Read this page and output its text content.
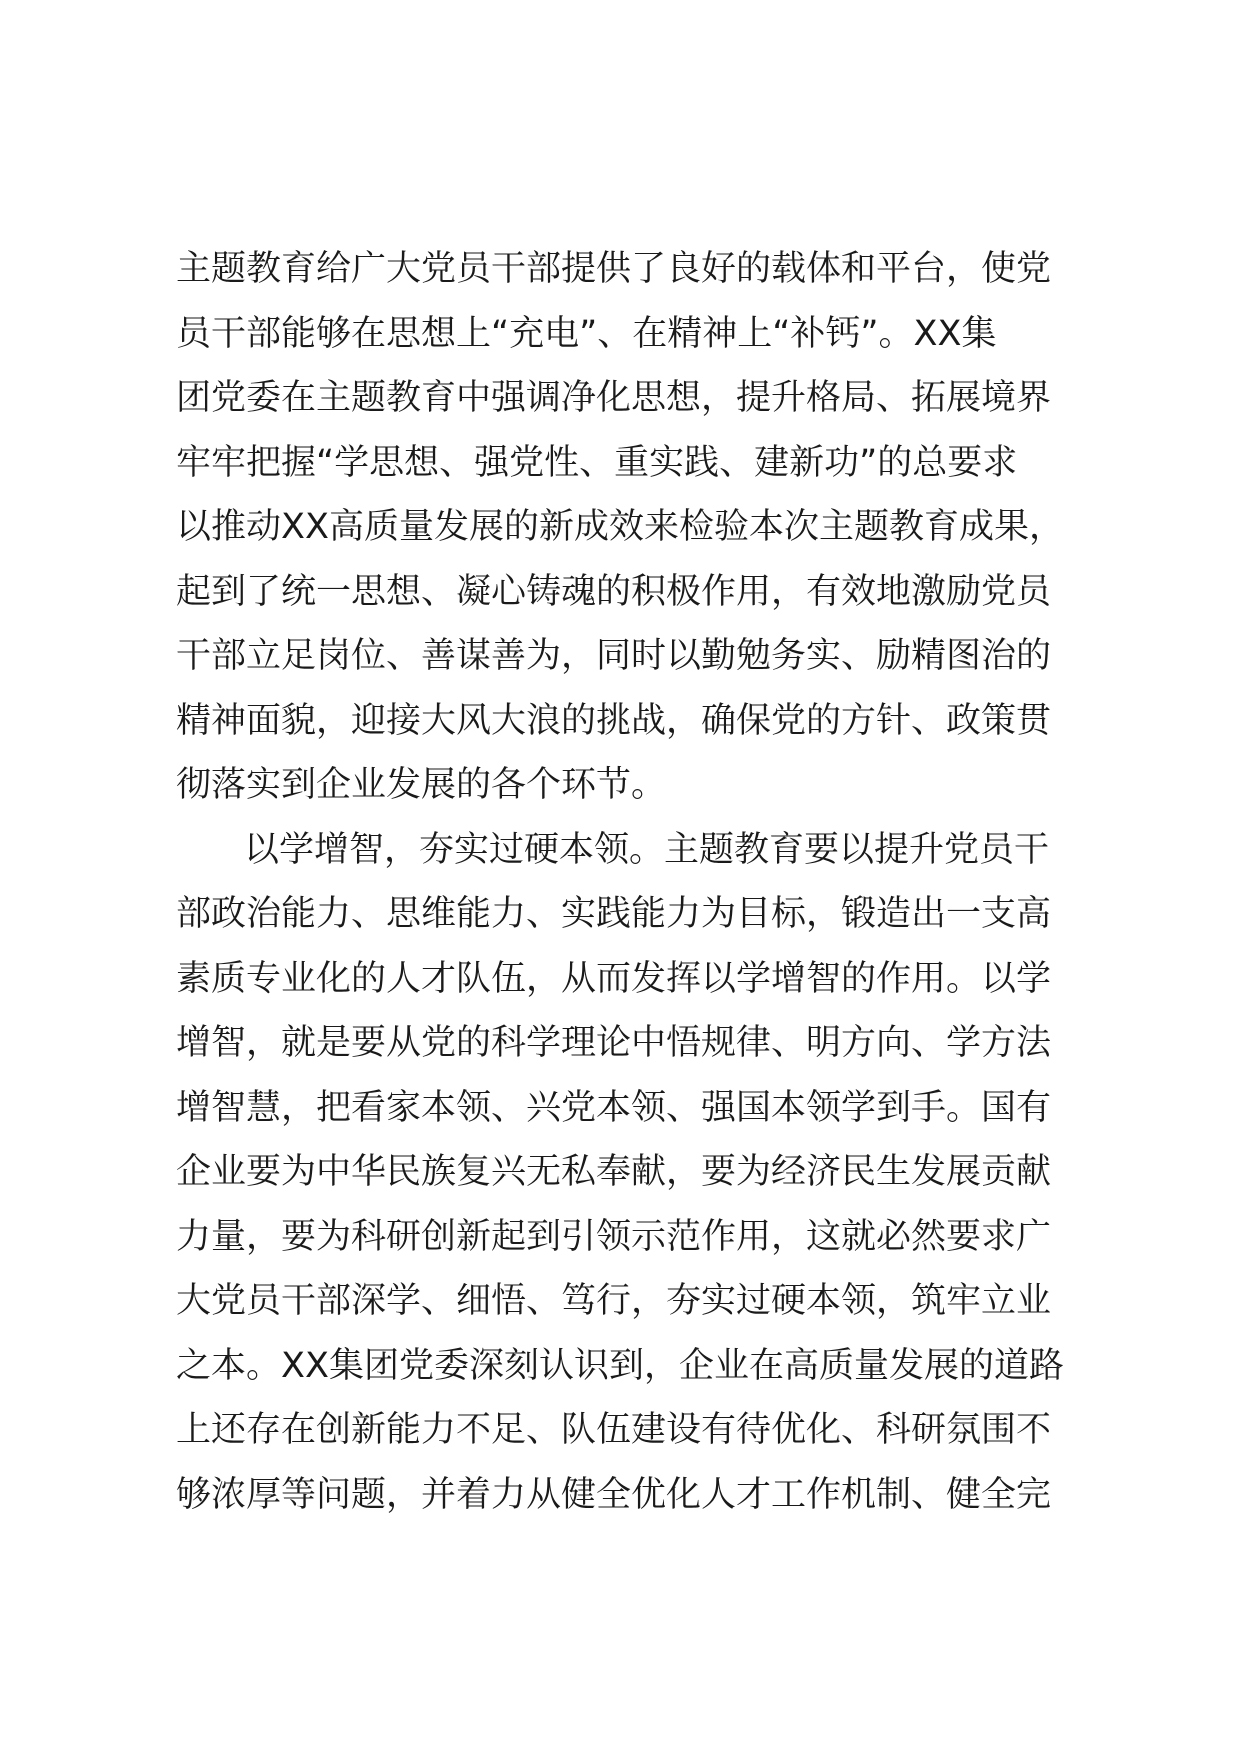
主题教育给广大党员干部提供了良好的载体和平台，使党
员干部能够在思想上“充电”、在精神上“补钙”。XX集
团党委在主题教育中强调净化思想，提升格局、拓展境界
牢牢把握“学思想、强党性、重实践、建新功”的总要求
以推动XX高质量发展的新成效来检验本次主题教育成果，
起到了统一思想、凝心铸魂的积极作用，有效地激励党员
干部立足岗位、善谋善为，同时以勤勉务实、励精图治的
精神面貌，迎接大风大浪的挑战，确保党的方针、政策贯
彻落实到企业发展的各个环节。
以学增智，夯实过硬本领。主题教育要以提升党员干
部政治能力、思维能力、实践能力为目标，锻造出一支高
素质专业化的人才队伍，从而发挥以学增智的作用。以学
增智，就是要从党的科学理论中悟规律、明方向、学方法
增智慧，把看家本领、兴党本领、强国本领学到手。国有
企业要为中华民族复兴无私奉献，要为经济民生发展贡献
力量，要为科研创新起到引领示范作用，这就必然要求广
大党员干部深学、细悟、笃行，夯实过硬本领，筑牢立业
之本。XX集团党委深刻认识到，企业在高质量发展的道路
上还存在创新能力不足、队伍建设有待优化、科研氛围不
够浓厚等问题，并着力从健全优化人才工作机制、健全完
